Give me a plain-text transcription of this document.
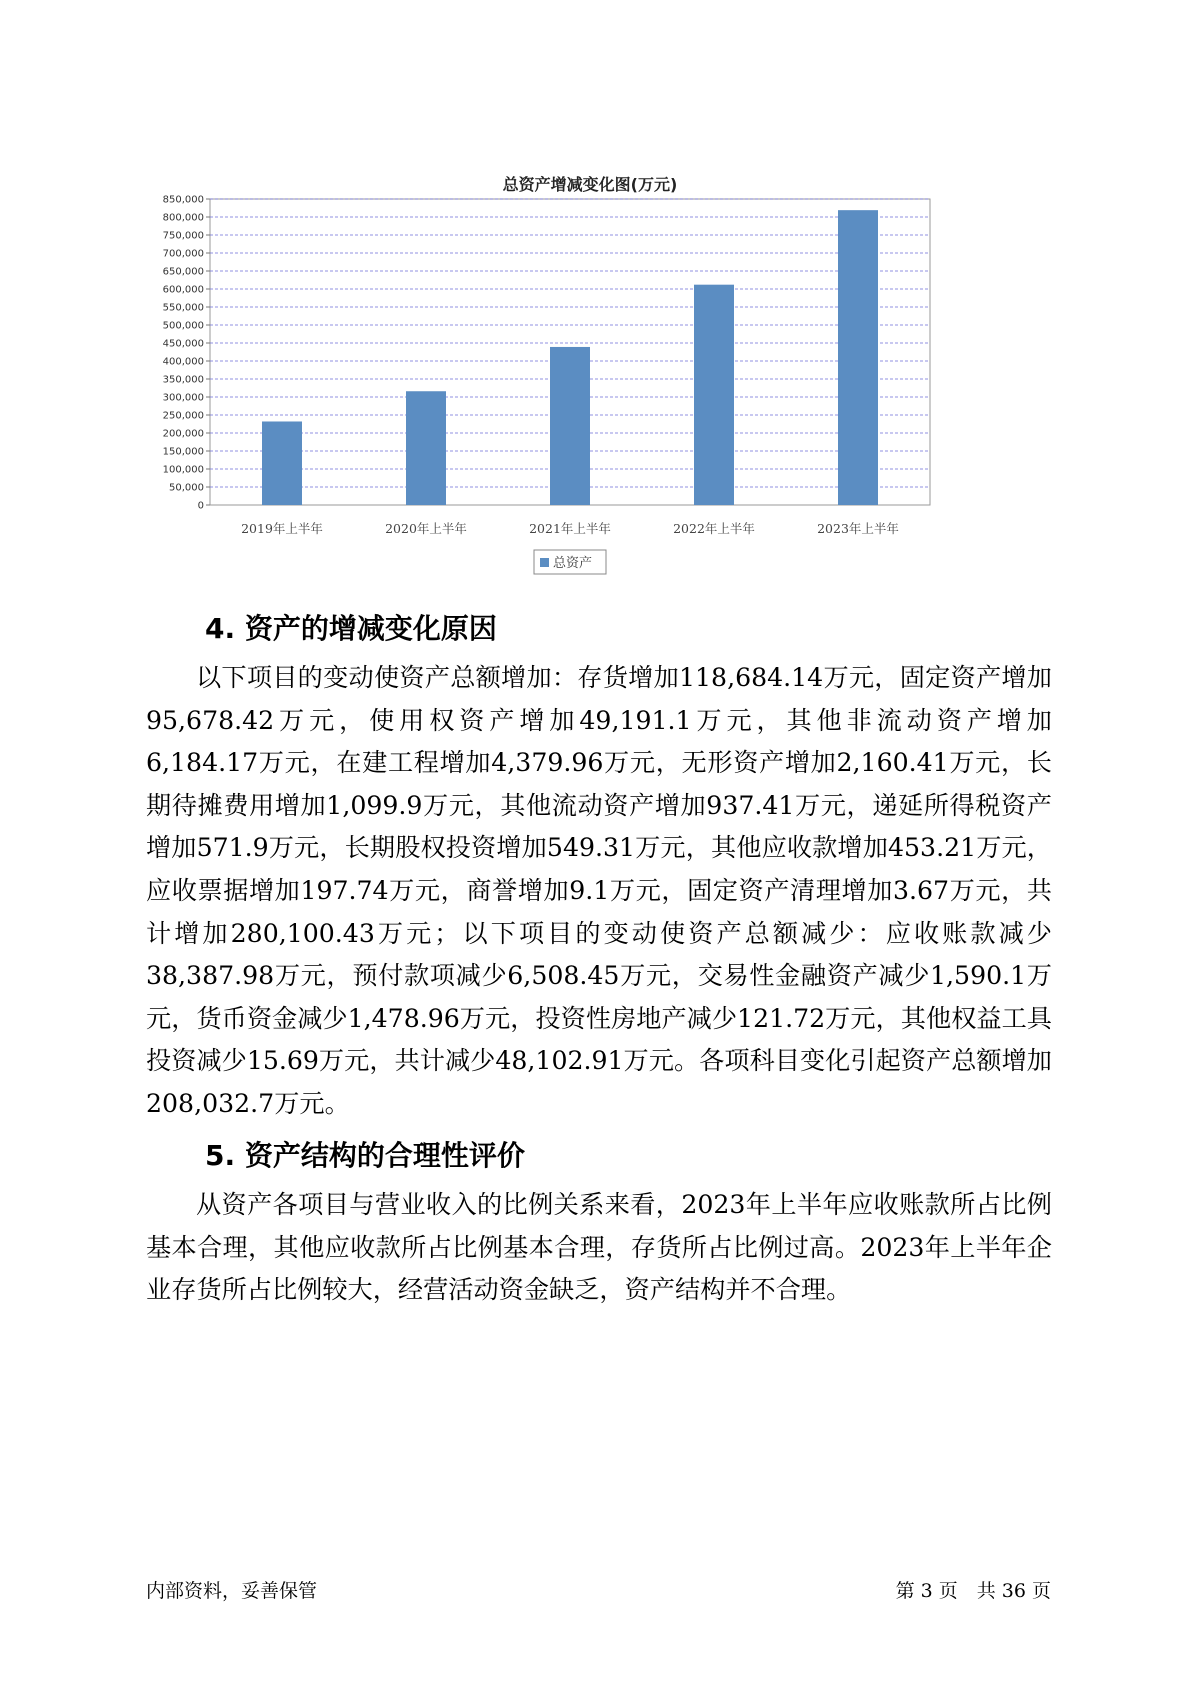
总资产增减变化图(万元)
0
50,000
100,000
150,000
200,000
250,000
300,000
350,000
400,000
450,000
500,000
550,000
600,000
650,000
700,000
750,000
800,000
850,000
2019年上半年	2020年上半年	2021年上半年	2022年上半年	2023年上半年
总资产
4. 资产的增减变化原因

以下项目的变动使资产总额增加：存货增加118,684.14万元，固定资产增加95,678.42万元，使用权资产增加49,191.1万元，其他非流动资产增加6,184.17万元，在建工程增加4,379.96万元，无形资产增加2,160.41万元，长期待摊费用增加1,099.9万元，其他流动资产增加937.41万元，递延所得税资产增加571.9万元，长期股权投资增加549.31万元，其他应收款增加453.21万元，应收票据增加197.74万元，商誉增加9.1万元，固定资产清理增加3.67万元，共计增加280,100.43万元；以下项目的变动使资产总额减少：应收账款减少38,387.98万元，预付款项减少6,508.45万元，交易性金融资产减少1,590.1万元，货币资金减少1,478.96万元，投资性房地产减少121.72万元，其他权益工具投资减少15.69万元，共计减少48,102.91万元。各项科目变化引起资产总额增加208,032.7万元。

5. 资产结构的合理性评价

从资产各项目与营业收入的比例关系来看，2023年上半年应收账款所占比例基本合理，其他应收款所占比例基本合理，存货所占比例过高。2023年上半年企业存货所占比例较大，经营活动资金缺乏，资产结构并不合理。

内部资料，妥善保管	第 3 页　共 36 页
